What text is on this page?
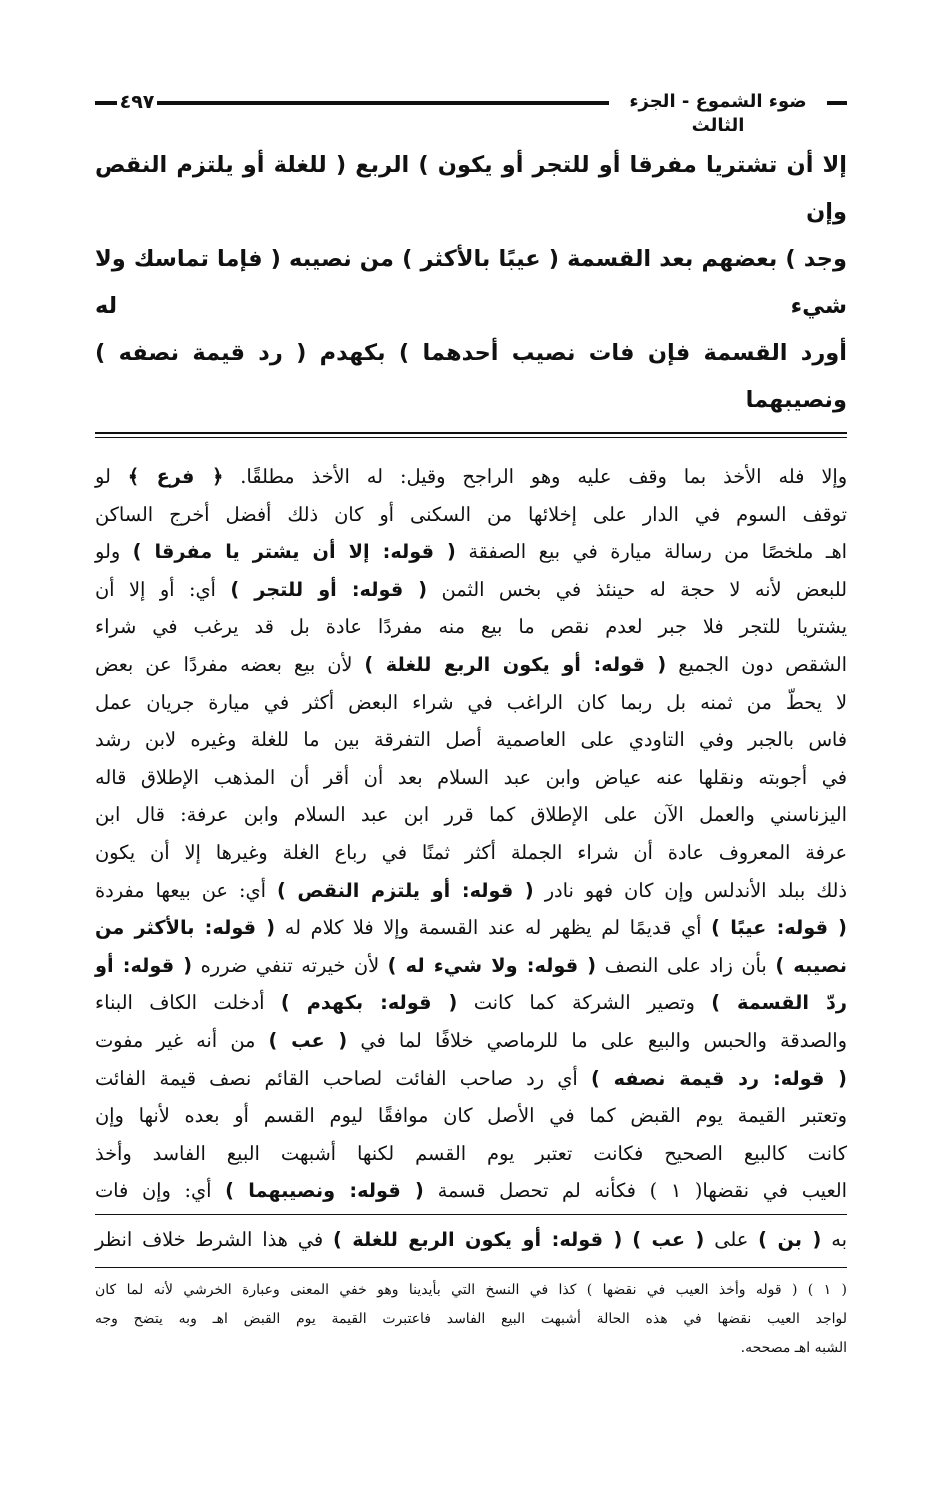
ضوء الشموع - الجزء الثالث
٤٩٧

إلا أن تشتريا مفرقا أو للتجر أو يكون ) الربع ( للغلة أو يلتزم النقص وإن

وجد ) بعضهم بعد القسمة ( عيبًا بالأكثر ) من نصيبه ( فإما تماسك ولا شيء له

أورد القسمة فإن فات نصيب أحدهما ) بكهدم ( رد قيمة نصفه ) ونصيبهما

وإلا فله الأخذ بما وقف عليه وهو الراجح وقيل: له الأخذ مطلقًا. ﴿ فرع ﴾ لو

توقف السوم في الدار على إخلائها من السكنى أو كان ذلك أفضل أخرج الساكن

اهـ ملخصًا من رسالة ميارة في بيع الصفقة ( قوله: إلا أن يشتر يا مفرقا ) ولو

للبعض لأنه لا حجة له حينئذ في بخس الثمن ( قوله: أو للتجر ) أي: أو إلا أن

يشتريا للتجر فلا جبر لعدم نقص ما بيع منه مفردًا عادة بل قد يرغب في شراء

الشقص دون الجميع ( قوله: أو يكون الربع للغلة ) لأن بيع بعضه مفردًا عن بعض

لا يحطّ من ثمنه بل ربما كان الراغب في شراء البعض أكثر في ميارة جريان عمل

فاس بالجبر وفي التاودي على العاصمية أصل التفرقة بين ما للغلة وغيره لابن رشد

في أجوبته ونقلها عنه عياض وابن عبد السلام بعد أن أقر أن المذهب الإطلاق قاله

اليزناسني والعمل الآن على الإطلاق كما قرر ابن عبد السلام وابن عرفة: قال ابن

عرفة المعروف عادة أن شراء الجملة أكثر ثمنًا في رباع الغلة وغيرها إلا أن يكون

ذلك ببلد الأندلس وإن كان فهو نادر ( قوله: أو يلتزم النقص ) أي: عن بيعها مفردة

( قوله: عيبًا ) أي قديمًا لم يظهر له عند القسمة وإلا فلا كلام له ( قوله: بالأكثر من

نصيبه ) بأن زاد على النصف ( قوله: ولا شيء له ) لأن خيرته تنفي ضرره ( قوله: أو

ردّ القسمة ) وتصير الشركة كما كانت ( قوله: بكهدم ) أدخلت الكاف البناء

والصدقة والحبس والبيع على ما للرماصي خلافًا لما في ( عب ) من أنه غير مفوت

( قوله: رد قيمة نصفه ) أي رد صاحب الفائت لصاحب القائم نصف قيمة الفائت

وتعتبر القيمة يوم القبض كما في الأصل كان موافقًا ليوم القسم أو بعده لأنها وإن

كانت كالبيع الصحيح فكانت تعتبر يوم القسم لكنها أشبهت البيع الفاسد وأخذ

العيب في نقضها( ١ ) فكأنه لم تحصل قسمة ( قوله: ونصيبهما ) أي: وإن فات

به ( بن ) على ( عب ) ( قوله: أو يكون الربع للغلة ) في هذا الشرط خلاف انظر

( ١ ) ( قوله وأخذ العيب في نقضها ) كذا في النسخ التي بأيدينا وهو خفي المعنى وعبارة الخرشي لأنه لما كان

لواجد العيب نقضها في هذه الحالة أشبهت البيع الفاسد فاعتبرت القيمة يوم القبض اهـ وبه يتضح وجه

الشبه اهـ مصححه.
